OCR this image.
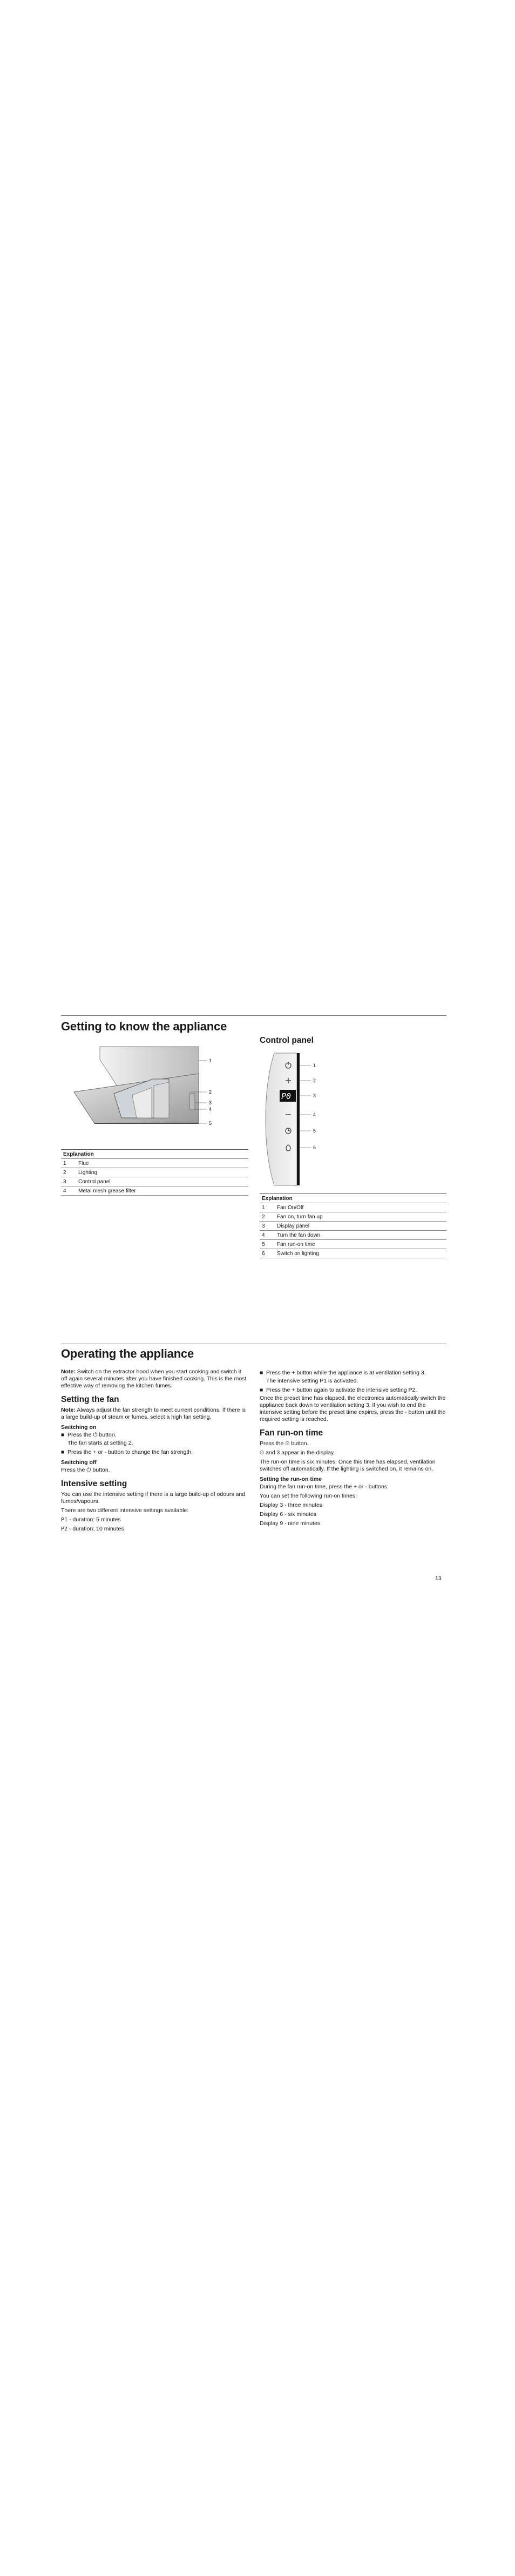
Getting to know the appliance
1
2
3
4
5
Explanation	
1	Flue
2	Lighting
3	Control panel
4	Metal mesh grease filter
Control panel
P0
1
2
3
4
5
6
Explanation	
1	Fan On/Off
2	Fan on, turn fan up
3	Display panel
4	Turn the fan down
5	Fan run-on time
6	Switch on lighting
Operating the appliance

Note: Switch on the extractor hood when you start cooking and switch it off again several minutes after you have finished cooking. This is the most effective way of removing the kitchen fumes.

Setting the fan

Note: Always adjust the fan strength to meet current conditions. If there is a large build-up of steam or fumes, select a high fan setting.

Switching on
■ Press the ⏻ button.

The fan starts at setting 2.

■ Press the + or - button to change the fan strength.
Switching off

Press the ⏻ button.

Intensive setting

You can use the intensive setting if there is a large build-up of odours and fumes/vapours.

There are two different intensive settings available:

P1 - duration: 5 minutes

P2 - duration: 10 minutes

■ Press the + button while the appliance is at ventilation setting 3.

The intensive setting P1 is activated.

■ Press the + button again to activate the intensive setting P2.

Once the preset time has elapsed, the electronics automatically switch the appliance back down to ventilation setting 3. If you wish to end the intensive setting before the preset time expires, press the - button until the required setting is reached.

Fan run-on time

Press the ⏲ button.

⏲ and 3 appear in the display.

The run-on time is six minutes. Once this time has elapsed, ventilation switches off automatically. If the lighting is switched on, it remains on.

Setting the run-on time

During the fan run-on time, press the + or - buttons.

You can set the following run-on times:

Display 3 - three minutes

Display 6 - six minutes

Display 9 - nine minutes

13
